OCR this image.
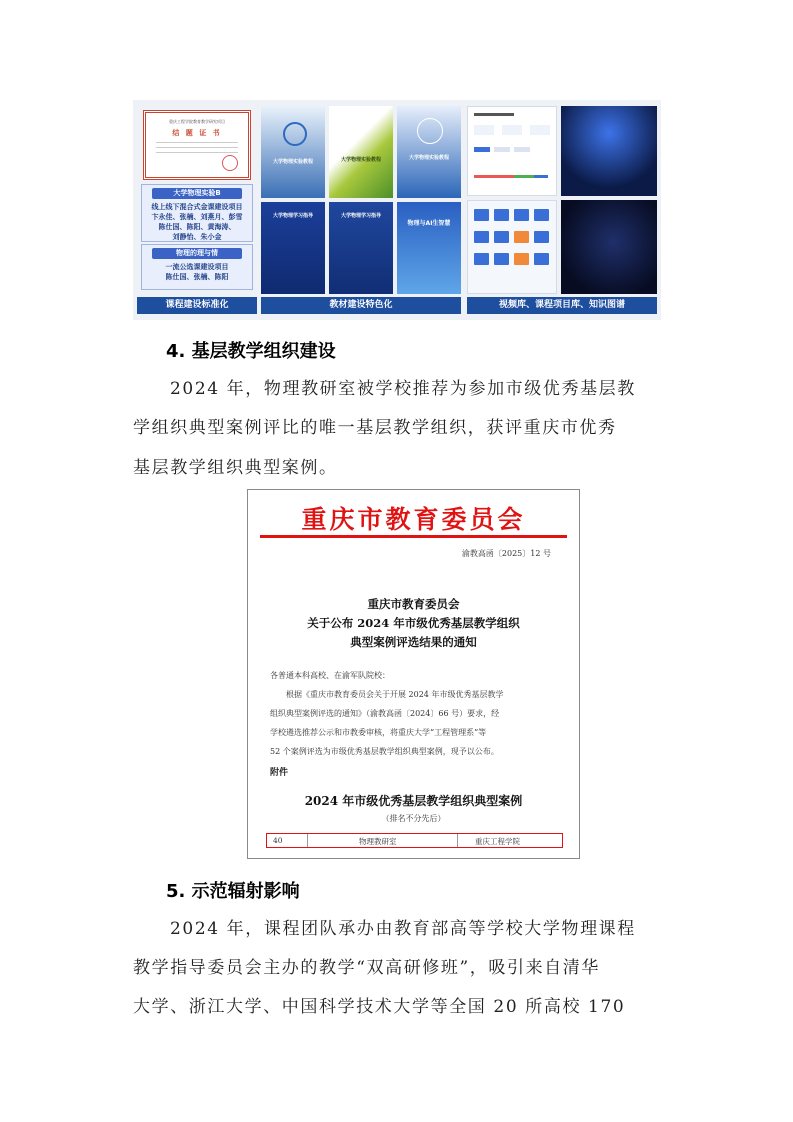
重庆工程学院教育教学研究项目
结 题 证 书
大学物理实验B
线上线下混合式金课建设项目
卞永佳、张楠、刘燕月、彭雪
陈仕国、陈阳、黄海涛、
刘静怡、朱小金
物理的理与情
一流公选课建设项目
陈仕国、张楠、陈阳
课程建设标准化
大学物理实验教程	大学物理实验教程	大学物理实验教程
大学物理学习指导	大学物理学习指导
物理与AI生智慧
教材建设特色化	视频库、课程项目库、知识图谱
4. 基层教学组织建设
2024 年，物理教研室被学校推荐为参加市级优秀基层教
学组织典型案例评比的唯一基层教学组织，获评重庆市优秀
基层教学组织典型案例。
重庆市教育委员会
渝教高函〔2025〕12 号
重庆市教育委员会
关于公布 2024 年市级优秀基层教学组织
典型案例评选结果的通知
各普通本科高校、在渝军队院校：
　　根据《重庆市教育委员会关于开展 2024 年市级优秀基层教学
组织典型案例评选的通知》（渝教高函〔2024〕66 号）要求，经
学校遴选推荐公示和市教委审核，将重庆大学“工程管理系”等
52 个案例评选为市级优秀基层教学组织典型案例，现予以公布。
附件
2024 年市级优秀基层教学组织典型案例
（排名不分先后）
40	物理教研室	重庆工程学院
5. 示范辐射影响
2024 年，课程团队承办由教育部高等学校大学物理课程
教学指导委员会主办的教学“双高研修班”，吸引来自清华
大学、浙江大学、中国科学技术大学等全国 20 所高校 170
